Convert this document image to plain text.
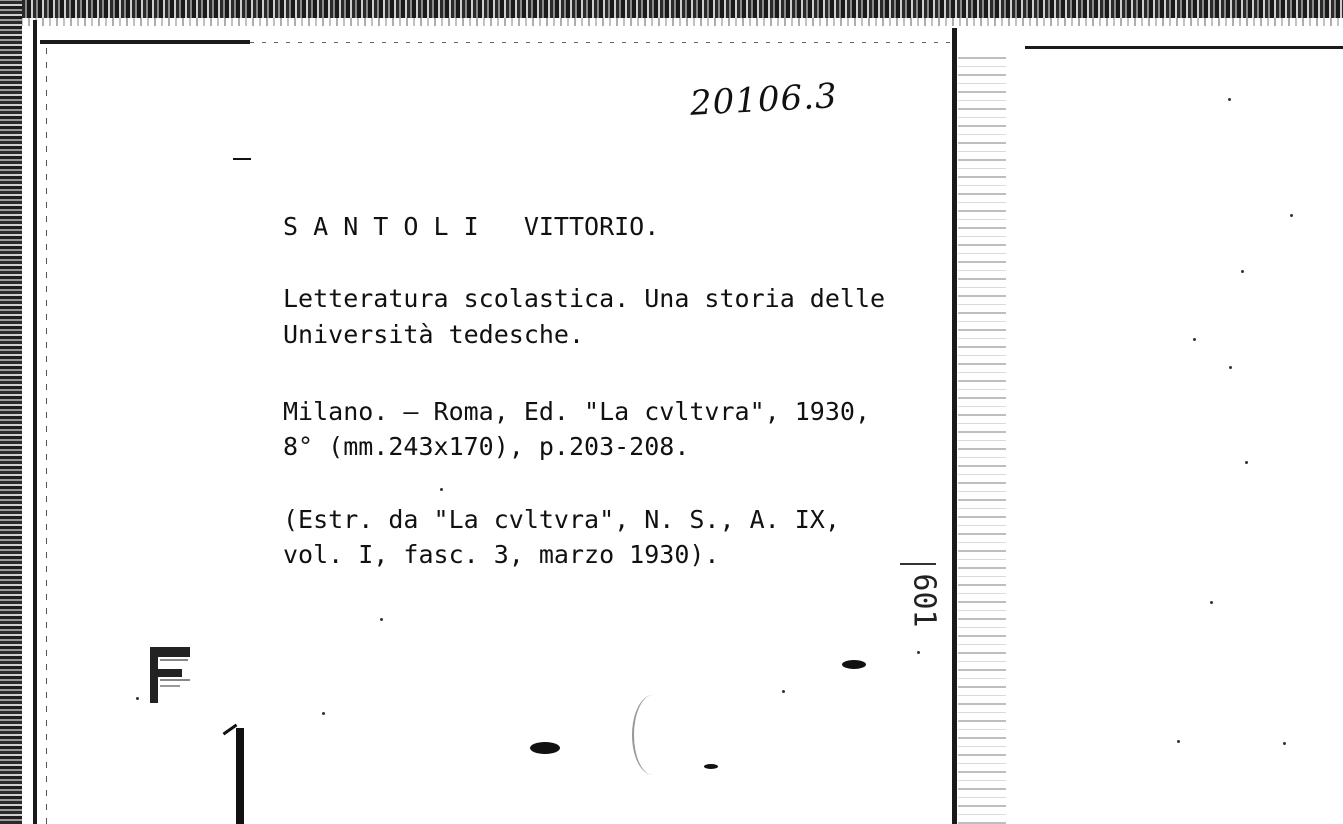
20106.3
S A N T O L I   VITTORIO.
Letteratura scolastica. Una storia delle
Università tedesche.
Milano. — Roma, Ed. "La cvltvra", 1930,
8° (mm.243x170), p.203-208.
(Estr. da "La cvltvra", N. S., A. IX,
vol. I, fasc. 3, marzo 1930).
601
